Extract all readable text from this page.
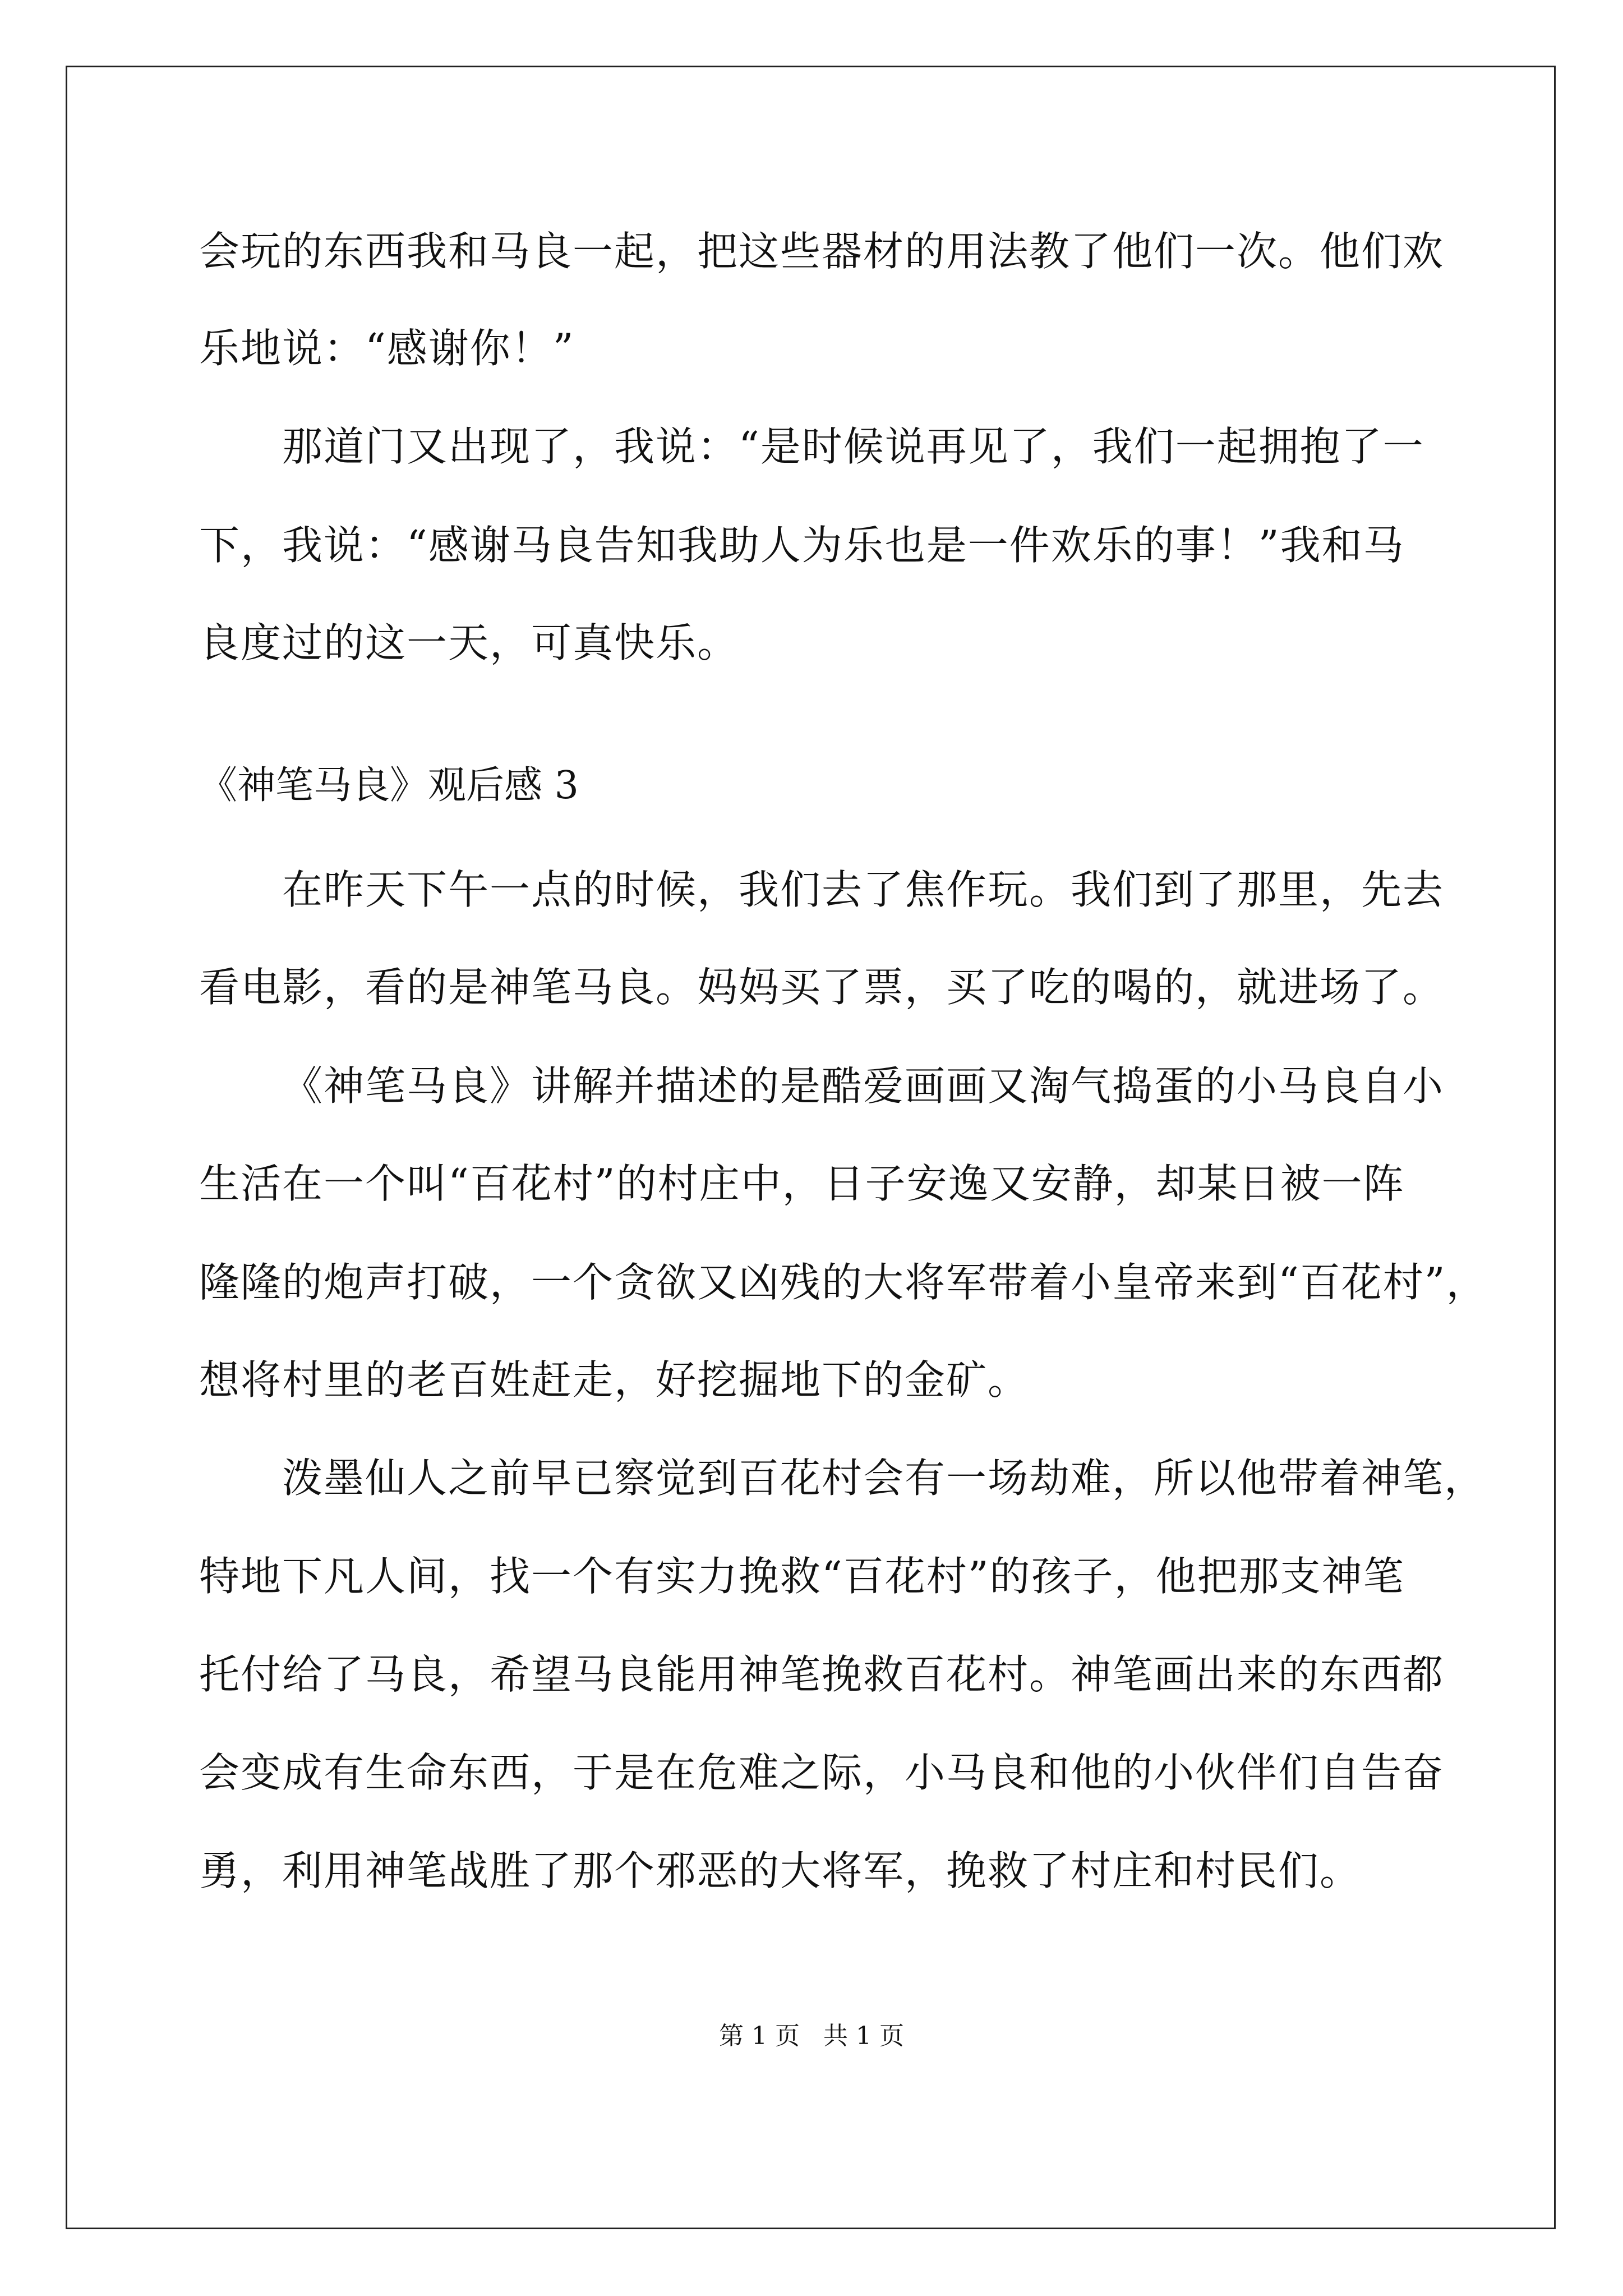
会玩的东西我和马良一起，把这些器材的用法教了他们一次。他们欢
乐地说：“感谢你！”
那道门又出现了，我说：“是时候说再见了，我们一起拥抱了一
下，我说：“感谢马良告知我助人为乐也是一件欢乐的事！”我和马
良度过的这一天，可真快乐。
《神笔马良》观后感 3
在昨天下午一点的时候，我们去了焦作玩。我们到了那里，先去
看电影，看的是神笔马良。妈妈买了票，买了吃的喝的，就进场了。
《神笔马良》讲解并描述的是酷爱画画又淘气捣蛋的小马良自小
生活在一个叫“百花村”的村庄中，日子安逸又安静，却某日被一阵
隆隆的炮声打破，一个贪欲又凶残的大将军带着小皇帝来到“百花村”，
想将村里的老百姓赶走，好挖掘地下的金矿。
泼墨仙人之前早已察觉到百花村会有一场劫难，所以他带着神笔，
特地下凡人间，找一个有实力挽救“百花村”的孩子，他把那支神笔
托付给了马良，希望马良能用神笔挽救百花村。神笔画出来的东西都
会变成有生命东西，于是在危难之际，小马良和他的小伙伴们自告奋
勇，利用神笔战胜了那个邪恶的大将军，挽救了村庄和村民们。
第 1 页   共 1 页
